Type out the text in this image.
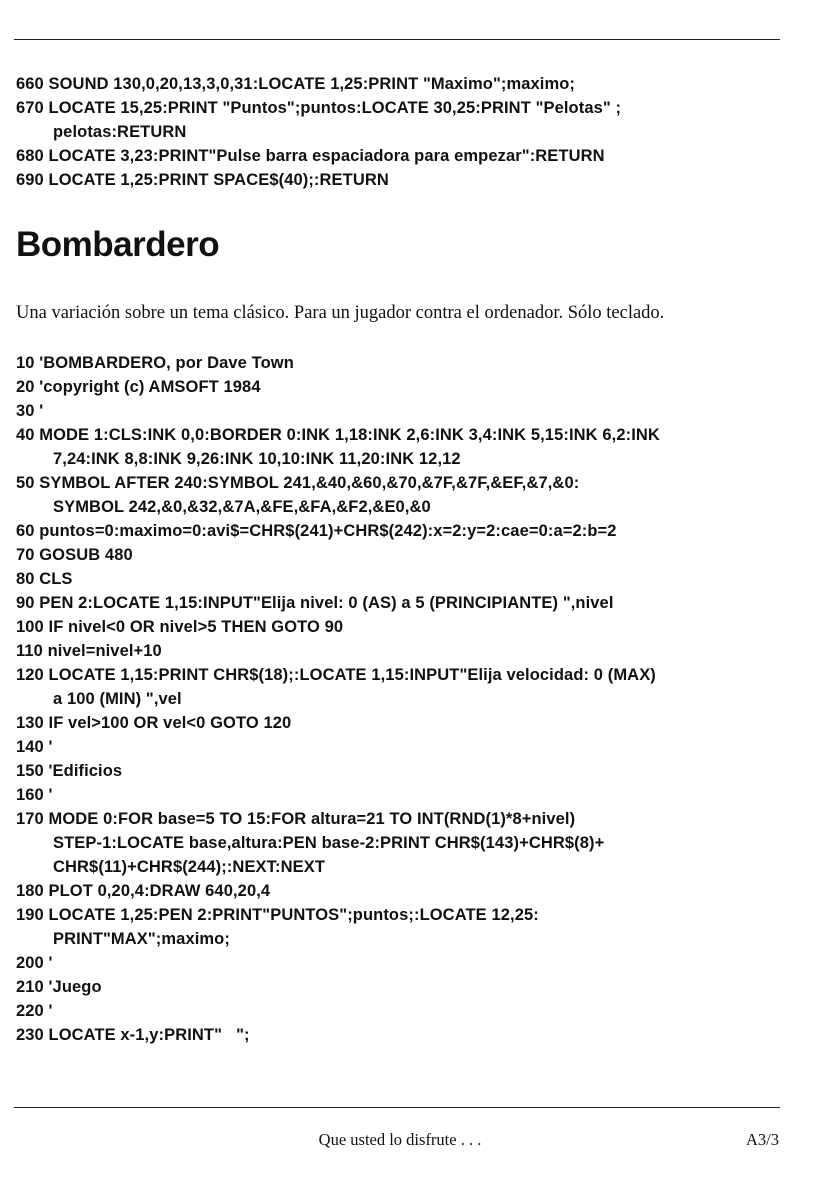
660 SOUND 130,0,20,13,3,0,31:LOCATE 1,25:PRINT "Maximo";maximo;
670 LOCATE 15,25:PRINT "Puntos";puntos:LOCATE 30,25:PRINT "Pelotas" ;
pelotas:RETURN
680 LOCATE 3,23:PRINT"Pulse barra espaciadora para empezar":RETURN
690 LOCATE 1,25:PRINT SPACE$(40);:RETURN
Bombardero

Una variación sobre un tema clásico. Para un jugador contra el ordenador. Sólo teclado.

10 'BOMBARDERO, por Dave Town
20 'copyright (c) AMSOFT 1984
30 '
40 MODE 1:CLS:INK 0,0:BORDER 0:INK 1,18:INK 2,6:INK 3,4:INK 5,15:INK 6,2:INK
7,24:INK 8,8:INK 9,26:INK 10,10:INK 11,20:INK 12,12
50 SYMBOL AFTER 240:SYMBOL 241,&40,&60,&70,&7F,&7F,&EF,&7,&0:
SYMBOL 242,&0,&32,&7A,&FE,&FA,&F2,&E0,&0
60 puntos=0:maximo=0:avi$=CHR$(241)+CHR$(242):x=2:y=2:cae=0:a=2:b=2
70 GOSUB 480
80 CLS
90 PEN 2:LOCATE 1,15:INPUT"Elija nivel: 0 (AS) a 5 (PRINCIPIANTE) ",nivel
100 IF nivel<0 OR nivel>5 THEN GOTO 90
110 nivel=nivel+10
120 LOCATE 1,15:PRINT CHR$(18);:LOCATE 1,15:INPUT"Elija velocidad: 0 (MAX)
a 100 (MIN) ",vel
130 IF vel>100 OR vel<0 GOTO 120
140 '
150 'Edificios
160 '
170 MODE 0:FOR base=5 TO 15:FOR altura=21 TO INT(RND(1)*8+nivel)
STEP-1:LOCATE base,altura:PEN base-2:PRINT CHR$(143)+CHR$(8)+
CHR$(11)+CHR$(244);:NEXT:NEXT
180 PLOT 0,20,4:DRAW 640,20,4
190 LOCATE 1,25:PEN 2:PRINT"PUNTOS";puntos;:LOCATE 12,25:
PRINT"MAX";maximo;
200 '
210 'Juego
220 '
230 LOCATE x-1,y:PRINT"   ";
Que usted lo disfrute . . .	A3/3
